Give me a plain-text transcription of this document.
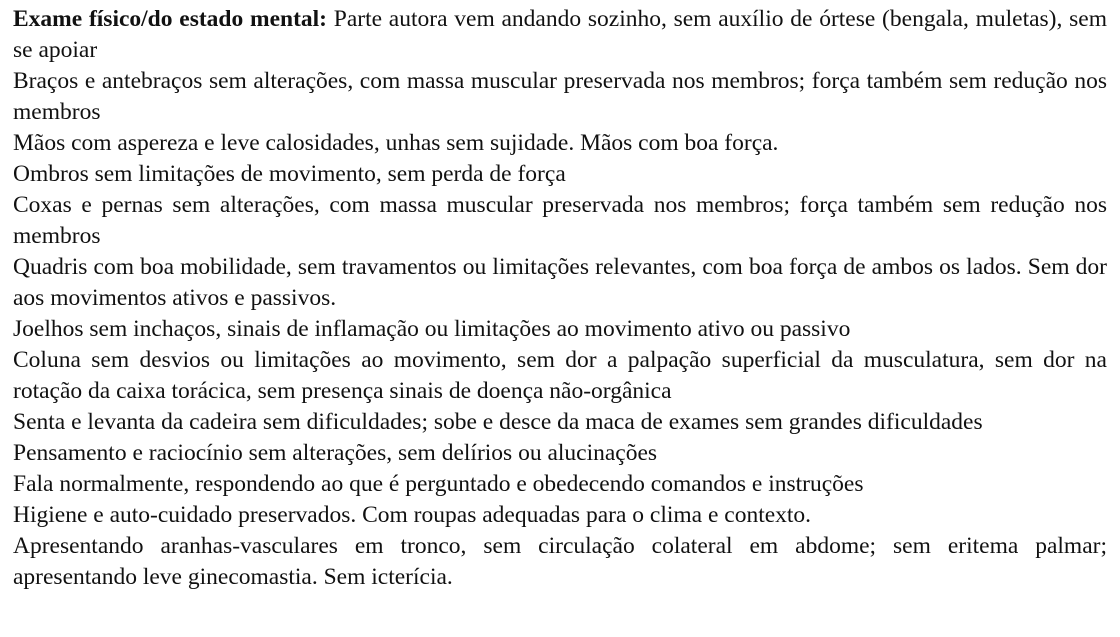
Exame físico/do estado mental: Parte autora vem andando sozinho, sem auxílio de órtese (bengala, muletas), sem se apoiar

Braços e antebraços sem alterações, com massa muscular preservada nos membros; força também sem redução nos membros

Mãos com aspereza e leve calosidades, unhas sem sujidade. Mãos com boa força.

Ombros sem limitações de movimento, sem perda de força

Coxas e pernas sem alterações, com massa muscular preservada nos membros; força também sem redução nos membros

Quadris com boa mobilidade, sem travamentos ou limitações relevantes, com boa força de ambos os lados. Sem dor aos movimentos ativos e passivos.

Joelhos sem inchaços, sinais de inflamação ou limitações ao movimento ativo ou passivo

Coluna sem desvios ou limitações ao movimento, sem dor a palpação superficial da musculatura, sem dor na rotação da caixa torácica, sem presença sinais de doença não-orgânica

Senta e levanta da cadeira sem dificuldades; sobe e desce da maca de exames sem grandes dificuldades

Pensamento e raciocínio sem alterações, sem delírios ou alucinações

Fala normalmente, respondendo ao que é perguntado e obedecendo comandos e instruções

Higiene e auto-cuidado preservados. Com roupas adequadas para o clima e contexto.

Apresentando aranhas-vasculares em tronco, sem circulação colateral em abdome; sem eritema palmar; apresentando leve ginecomastia. Sem icterícia.
